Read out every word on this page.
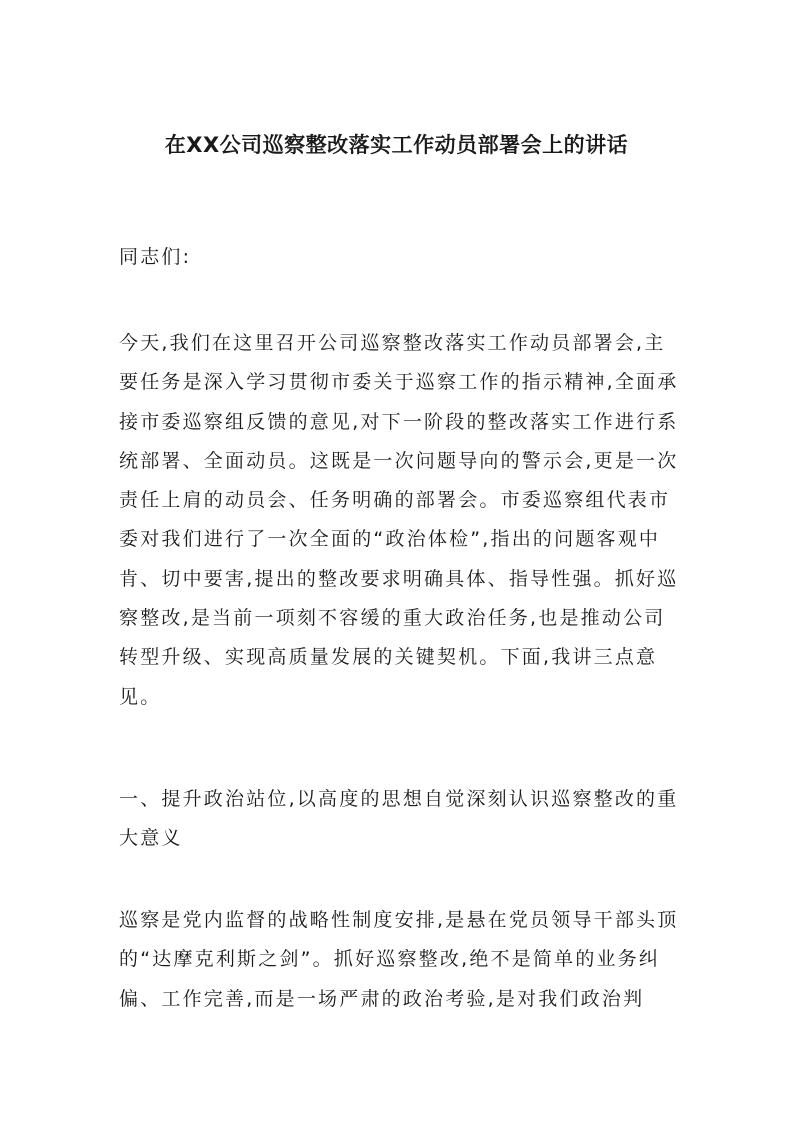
在XX公司巡察整改落实工作动员部署会上的讲话

同志们:

今天,我们在这里召开公司巡察整改落实工作动员部署会,主要任务是深入学习贯彻市委关于巡察工作的指示精神,全面承接市委巡察组反馈的意见,对下一阶段的整改落实工作进行系统部署、全面动员。这既是一次问题导向的警示会,更是一次责任上肩的动员会、任务明确的部署会。市委巡察组代表市委对我们进行了一次全面的“政治体检”,指出的问题客观中肯、切中要害,提出的整改要求明确具体、指导性强。抓好巡察整改,是当前一项刻不容缓的重大政治任务,也是推动公司转型升级、实现高质量发展的关键契机。下面,我讲三点意见。

一、提升政治站位,以高度的思想自觉深刻认识巡察整改的重大意义

巡察是党内监督的战略性制度安排,是悬在党员领导干部头顶的“达摩克利斯之剑”。抓好巡察整改,绝不是简单的业务纠偏、工作完善,而是一场严肃的政治考验,是对我们政治判
